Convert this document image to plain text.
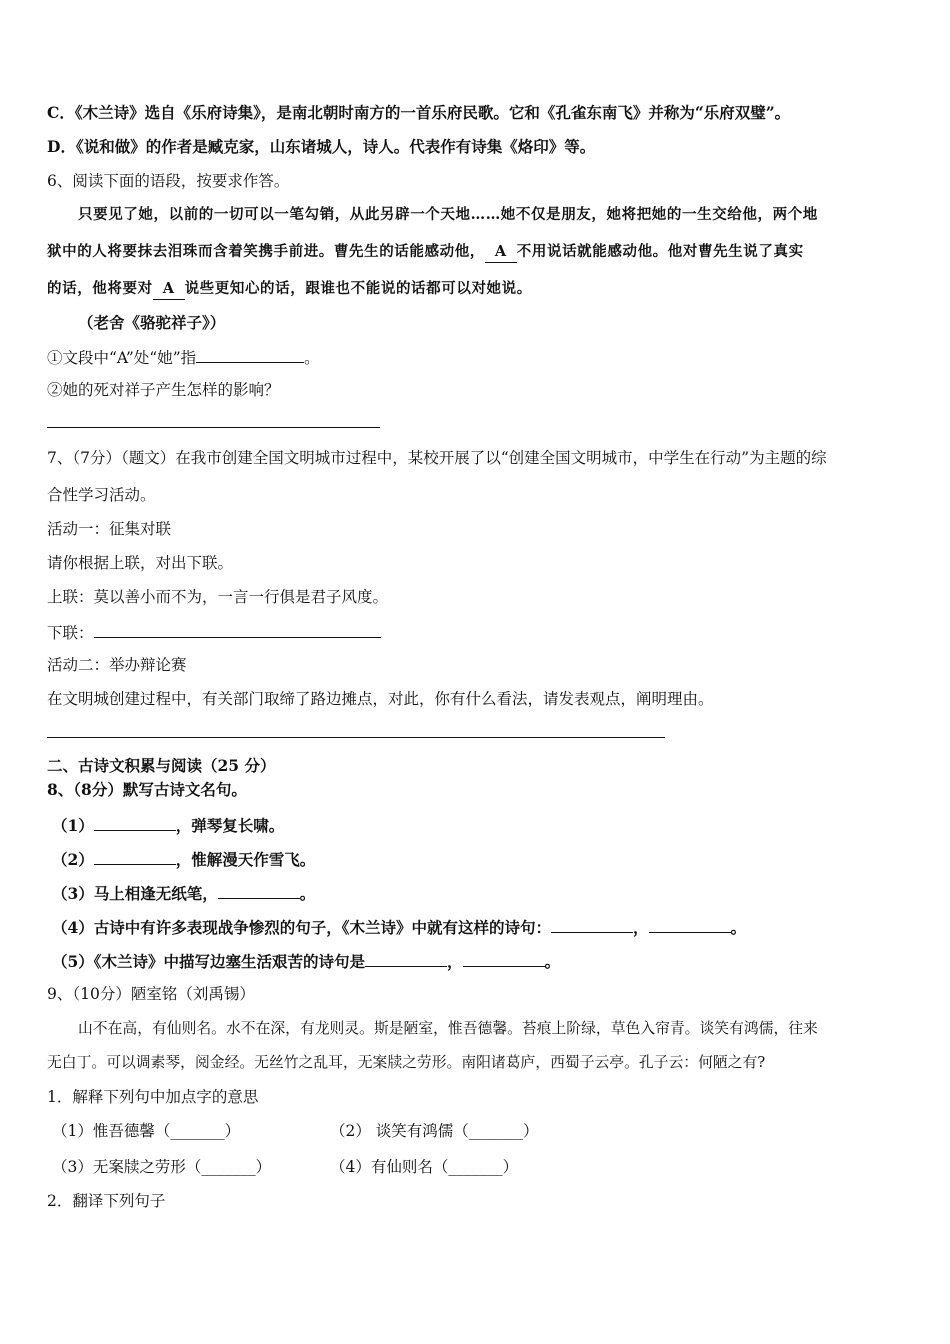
C．《木兰诗》选自《乐府诗集》，是南北朝时南方的一首乐府民歌。它和《孔雀东南飞》并称为“乐府双璧”。
D．《说和做》的作者是臧克家，山东诸城人，诗人。代表作有诗集《烙印》等。
6、阅读下面的语段，按要求作答。
只要见了她，以前的一切可以一笔勾销，从此另辟一个天地……她不仅是朋友，她将把她的一生交给他，两个地
狱中的人将要抹去泪珠而含着笑携手前进。曹先生的话能感动他， A 不用说话就能感动他。他对曹先生说了真实
的话，他将要对 A 说些更知心的话，跟谁也不能说的话都可以对她说。
（老舍《骆驼祥子》）
①文段中“A”处“她”指	。
②她的死对祥子产生怎样的影响？
7、（7分）（题文）在我市创建全国文明城市过程中，某校开展了以“创建全国文明城市，中学生在行动”为主题的综
合性学习活动。
活动一：征集对联
请你根据上联，对出下联。
上联：莫以善小而不为，一言一行俱是君子风度。
下联：
活动二：举办辩论赛
在文明城创建过程中，有关部门取缔了路边摊点，对此，你有什么看法，请发表观点，阐明理由。
二、古诗文积累与阅读（25 分）
8、（8分）默写古诗文名句。
（1）	，弹琴复长啸。
（2）	，惟解漫天作雪飞。
（3）马上相逢无纸笔，	。
（4）古诗中有许多表现战争惨烈的句子，《木兰诗》中就有这样的诗句：	，	。
（5）《木兰诗》中描写边塞生活艰苦的诗句是	，	。
9、（10分）陋室铭（刘禹锡）
山不在高，有仙则名。水不在深，有龙则灵。斯是陋室，惟吾德馨。苔痕上阶绿，草色入帘青。谈笑有鸿儒，往来
无白丁。可以调素琴，阅金经。无丝竹之乱耳，无案牍之劳形。南阳诸葛庐，西蜀子云亭。孔子云：何陋之有?
1．解释下列句中加点字的意思
（1）惟吾德馨（_______）	（2） 谈笑有鸿儒（_______）
（3）无案牍之劳形（_______）	（4）有仙则名（_______）
2．翻译下列句子
